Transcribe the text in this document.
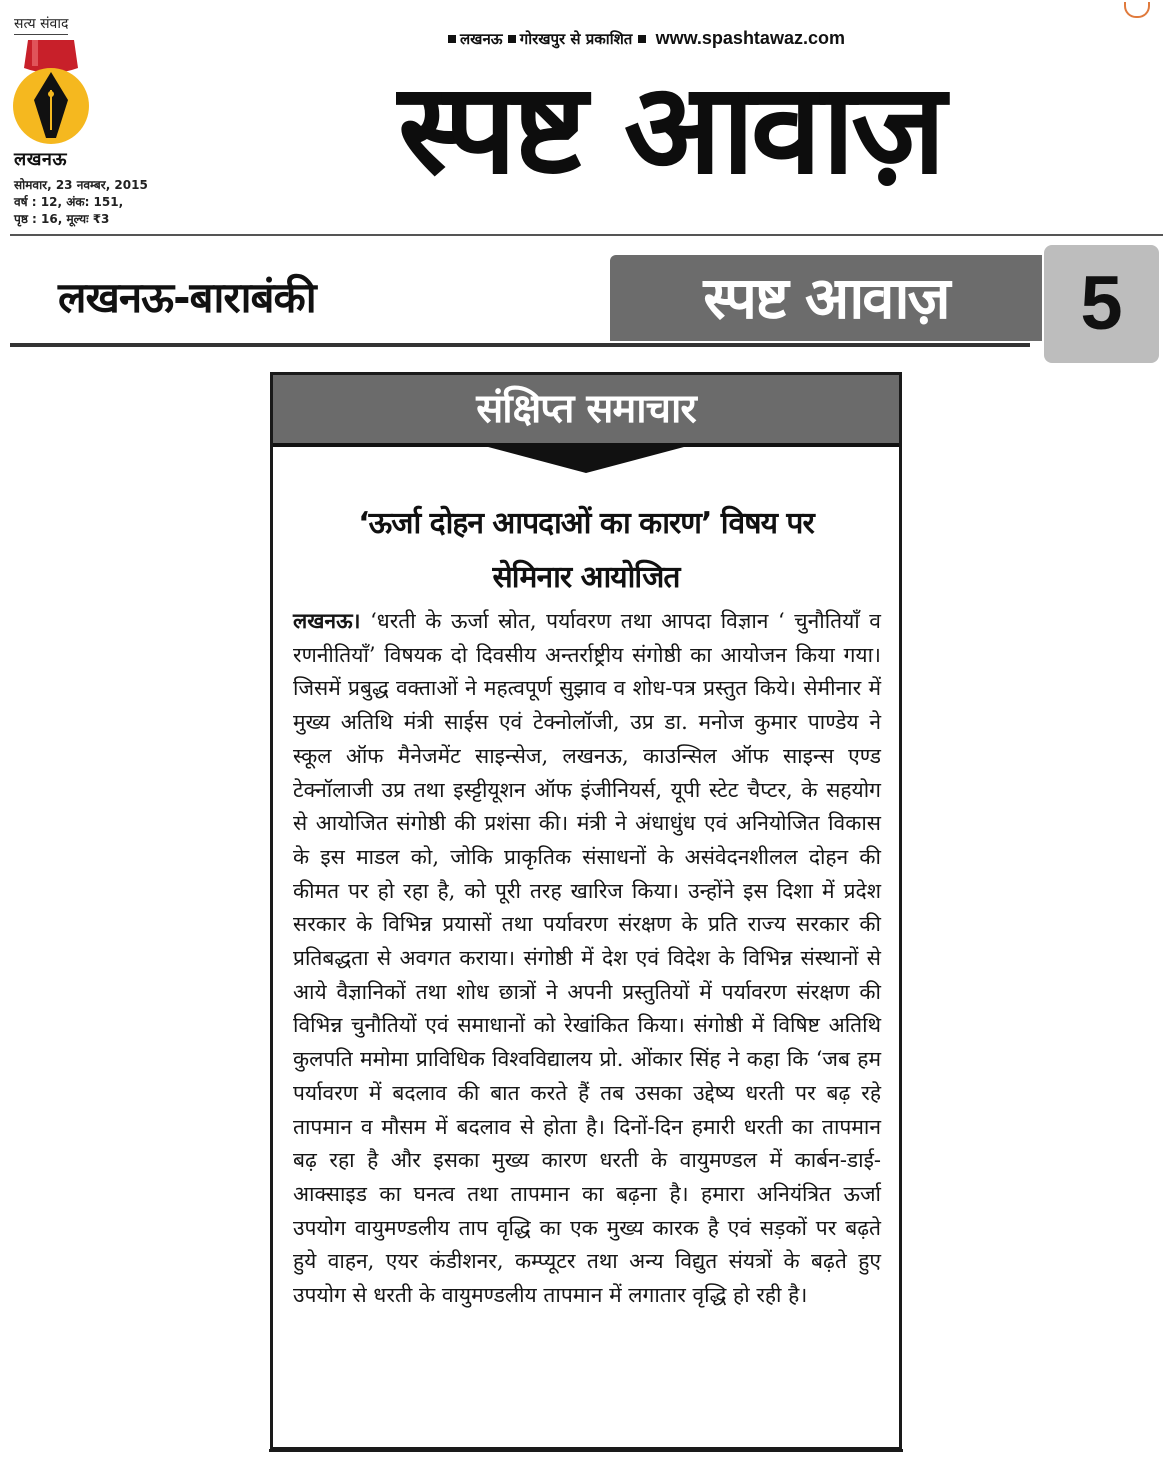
सत्य संवाद
लखनऊ
सोमवार, 23 नवम्बर, 2015
वर्ष : 12, अंक: 151,
पृष्ठ : 16, मूल्यः ₹3
लखनऊ गोरखपुर से प्रकाशित www.spashtawaz.com
स्पष्ट आवाज़
लखनऊ-बाराबंकी	स्पष्ट आवाज़	5
संक्षिप्त समाचार
‘ऊर्जा दोहन आपदाओं का कारण’ विषय पर
सेमिनार आयोजित

लखनऊ। ‘धरती के ऊर्जा स्रोत, पर्यावरण तथा आपदा विज्ञान ‘ चुनौतियाँ व रणनीतियाँ’ विषयक दो दिवसीय अन्तर्राष्ट्रीय संगोष्ठी का आयोजन किया गया। जिसमें प्रबुद्ध वक्ताओं ने महत्वपूर्ण सुझाव व शोध-पत्र प्रस्तुत किये। सेमीनार में मुख्य अतिथि मंत्री साईस एवं टेक्नोलॉजी, उप्र डा. मनोज कुमार पाण्डेय ने स्कूल ऑफ मैनेजमेंट साइन्सेज, लखनऊ, काउन्सिल ऑफ साइन्स एण्ड टेक्नॉलाजी उप्र तथा इस्ट्टीयूशन ऑफ इंजीनियर्स, यूपी स्टेट चैप्टर, के सहयोग से आयोजित संगोष्ठी की प्रशंसा की। मंत्री ने अंधाधुंध एवं अनियोजित विकास के इस माडल को, जोकि प्राकृतिक संसाधनों के असंवेदनशीलल दोहन की कीमत पर हो रहा है, को पूरी तरह खारिज किया। उन्होंने इस दिशा में प्रदेश सरकार के विभिन्न प्रयासों तथा पर्यावरण संरक्षण के प्रति राज्य सरकार की प्रतिबद्धता से अवगत कराया। संगोष्ठी में देश एवं विदेश के विभिन्न संस्थानों से आये वैज्ञानिकों तथा शोध छात्रों ने अपनी प्रस्तुतियों में पर्यावरण संरक्षण की विभिन्न चुनौतियों एवं समाधानों को रेखांकित किया। संगोष्ठी में विषिष्ट अतिथि कुलपति ममोमा प्राविधिक विश्वविद्यालय प्रो. ओंकार सिंह ने कहा कि ‘जब हम पर्यावरण में बदलाव की बात करते हैं तब उसका उद्देष्य धरती पर बढ़ रहे तापमान व मौसम में बदलाव से होता है। दिनों-दिन हमारी धरती का तापमान बढ़ रहा है और इसका मुख्य कारण धरती के वायुमण्डल में कार्बन-डाई-आक्साइड का घनत्व तथा तापमान का बढ़ना है। हमारा अनियंत्रित ऊर्जा उपयोग वायुमण्डलीय ताप वृद्धि का एक मुख्य कारक है एवं सड़कों पर बढ़ते हुये वाहन, एयर कंडीशनर, कम्प्यूटर तथा अन्य विद्युत संयत्रों के बढ़ते हुए उपयोग से धरती के वायुमण्डलीय तापमान में लगातार वृद्धि हो रही है।
